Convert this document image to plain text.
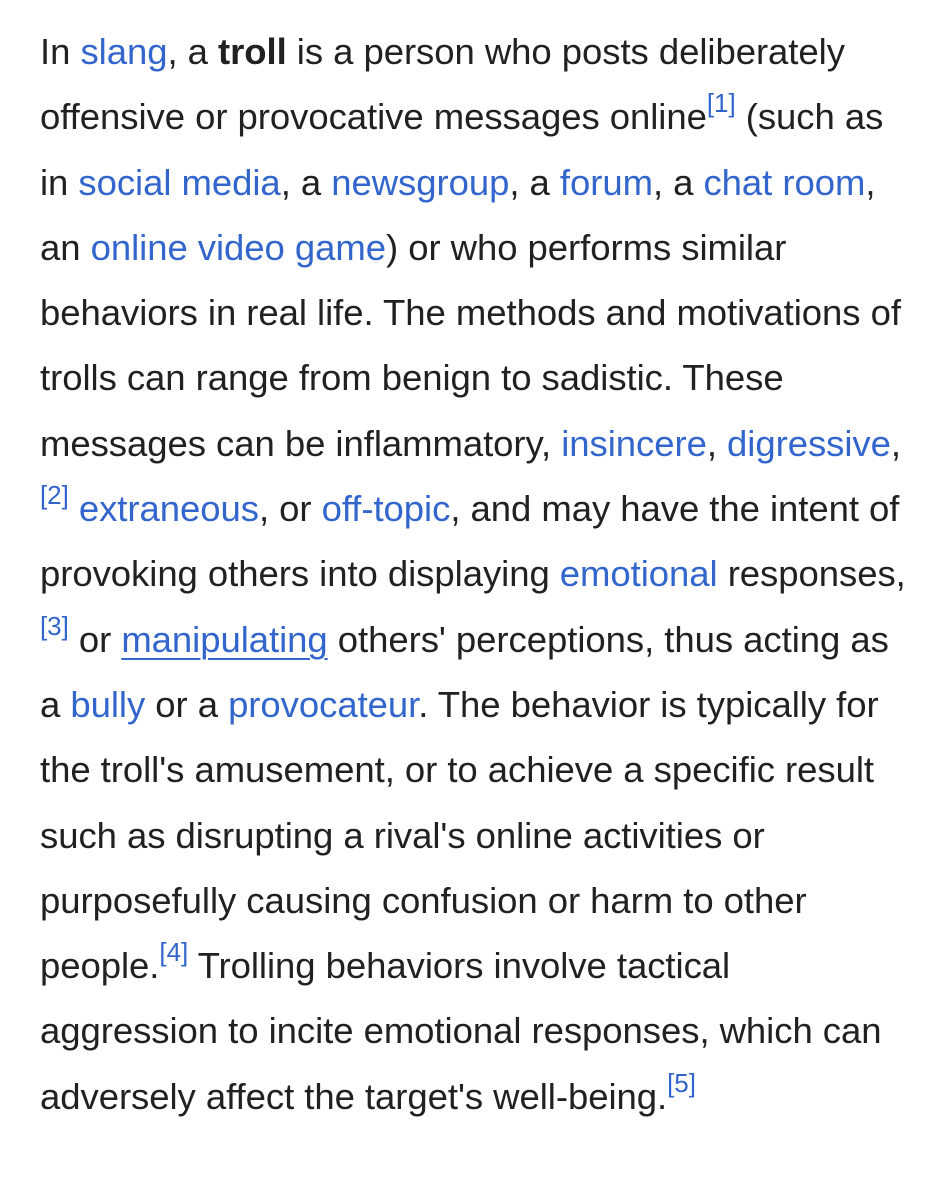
In slang, a troll is a person who posts deliberately offensive or provocative messages online[1] (such as in social media, a newsgroup, a forum, a chat room, an online video game) or who performs similar behaviors in real life. The methods and motivations of trolls can range from benign to sadistic. These messages can be inflammatory, insincere, digressive,[2] extraneous, or off-topic, and may have the intent of provoking others into displaying emotional responses,[3] or manipulating others' perceptions, thus acting as a bully or a provocateur. The behavior is typically for the troll's amusement, or to achieve a specific result such as disrupting a rival's online activities or purposefully causing confusion or harm to other people.[4] Trolling behaviors involve tactical aggression to incite emotional responses, which can adversely affect the target's well-being.[5]
